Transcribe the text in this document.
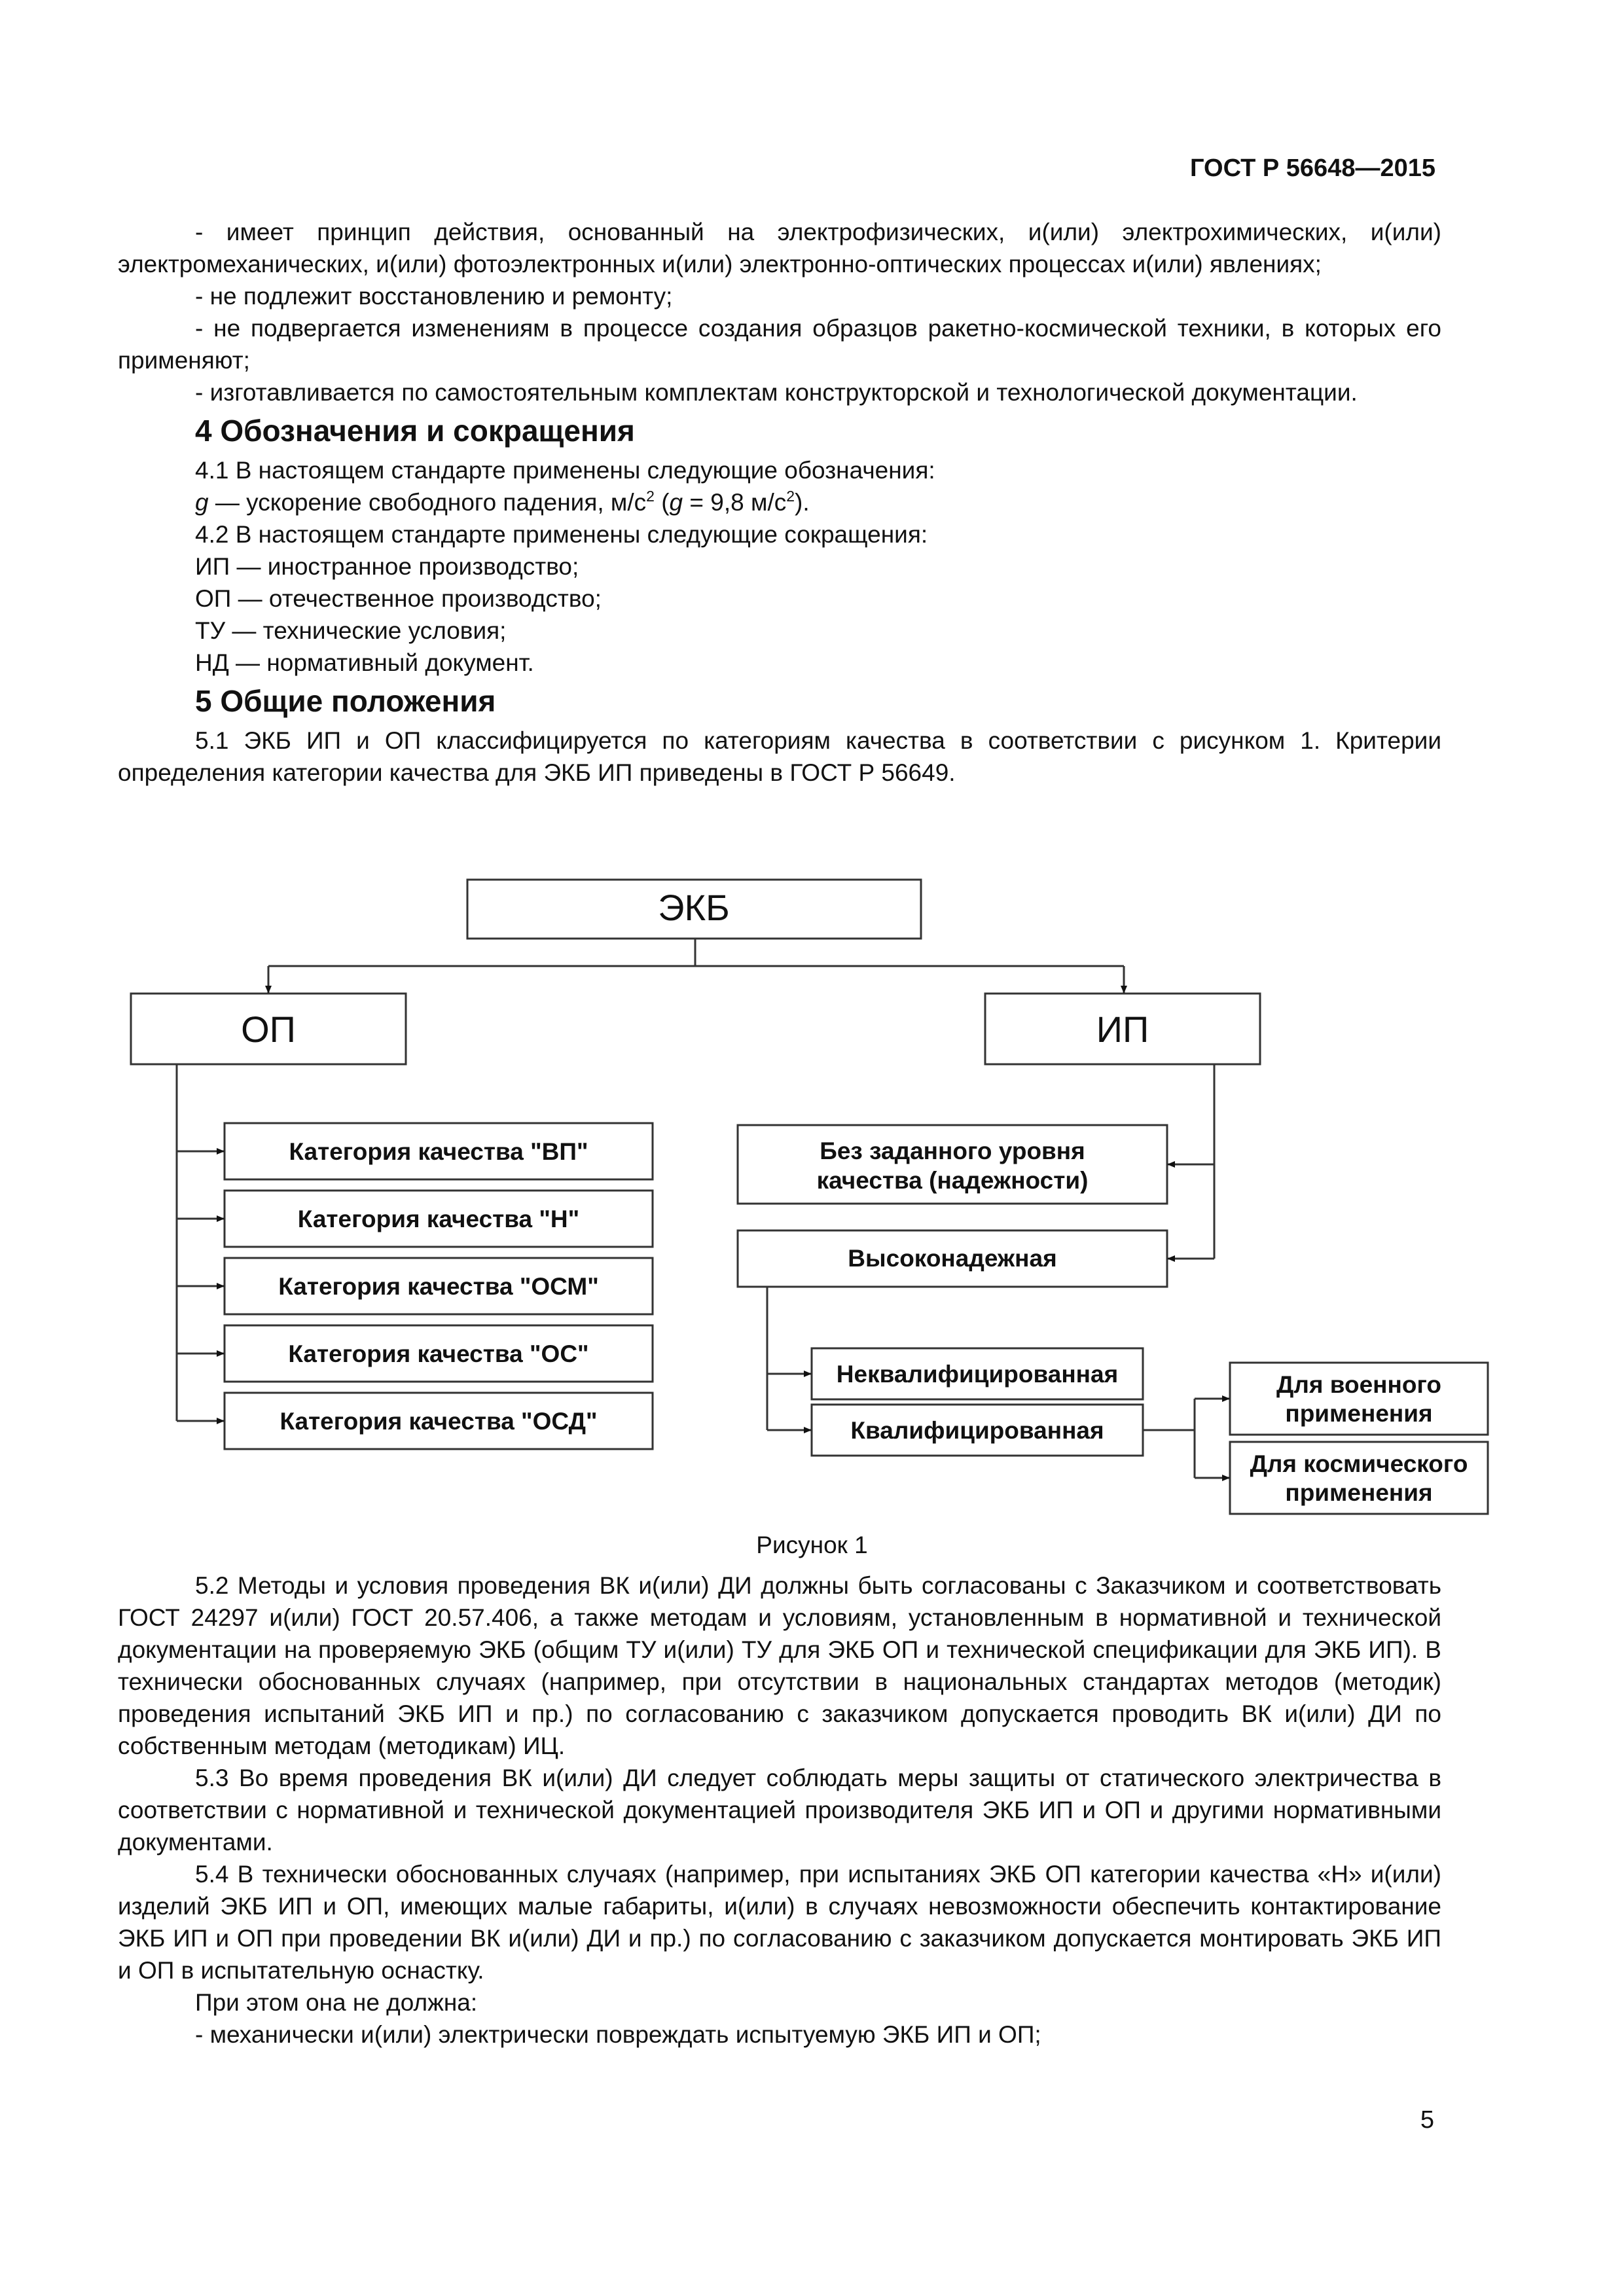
ГОСТ Р 56648—2015

- имеет принцип действия, основанный на электрофизических, и(или) электрохимических, и(или) электромеханических, и(или) фотоэлектронных и(или) электронно-оптических процессах и(или) явлениях;

- не подлежит восстановлению и ремонту;

- не подвергается изменениям в процессе создания образцов ракетно-космической техники, в которых его применяют;

- изготавливается по самостоятельным комплектам конструкторской и технологической документации.

4 Обозначения и сокращения

4.1 В настоящем стандарте применены следующие обозначения:

g — ускорение свободного падения, $м/с^2$ (g = 9,8 $м/с^2$).

4.2 В настоящем стандарте применены следующие сокращения:

ИП — иностранное производство;

ОП — отечественное производство;

ТУ — технические условия;

НД — нормативный документ.

5 Общие положения

5.1 ЭКБ ИП и ОП классифицируется по категориям качества в соответствии с рисунком 1. Критерии определения категории качества для ЭКБ ИП приведены в ГОСТ Р 56649.

ЭКБ
ОП	ИП
Категория качества "ВП"
Категория качества "Н"
Категория качества "ОСМ"
Категория качества "ОС"
Категория качества "ОСД"
Без заданного уровня
качества (надежности)
Высоконадежная
Неквалифицированная
Квалифицированная
Для военного
применения
Для космического
применения
Рисунок 1

5.2 Методы и условия проведения ВК и(или) ДИ должны быть согласованы с Заказчиком и соответствовать ГОСТ 24297 и(или) ГОСТ 20.57.406, а также методам и условиям, установленным в нормативной и технической документации на проверяемую ЭКБ (общим ТУ и(или) ТУ для ЭКБ ОП и технической спецификации для ЭКБ ИП). В технически обоснованных случаях (например, при отсутствии в национальных стандартах методов (методик) проведения испытаний ЭКБ ИП и пр.) по согласованию с заказчиком допускается проводить ВК и(или) ДИ по собственным методам (методикам) ИЦ.

5.3 Во время проведения ВК и(или) ДИ следует соблюдать меры защиты от статического электричества в соответствии с нормативной и технической документацией производителя ЭКБ ИП и ОП и другими нормативными документами.

5.4 В технически обоснованных случаях (например, при испытаниях ЭКБ ОП категории качества «Н» и(или) изделий ЭКБ ИП и ОП, имеющих малые габариты, и(или) в случаях невозможности обеспечить контактирование ЭКБ ИП и ОП при проведении ВК и(или) ДИ и пр.) по согласованию с заказчиком допускается монтировать ЭКБ ИП и ОП в испытательную оснастку.

При этом она не должна:

- механически и(или) электрически повреждать испытуемую ЭКБ ИП и ОП;

5
